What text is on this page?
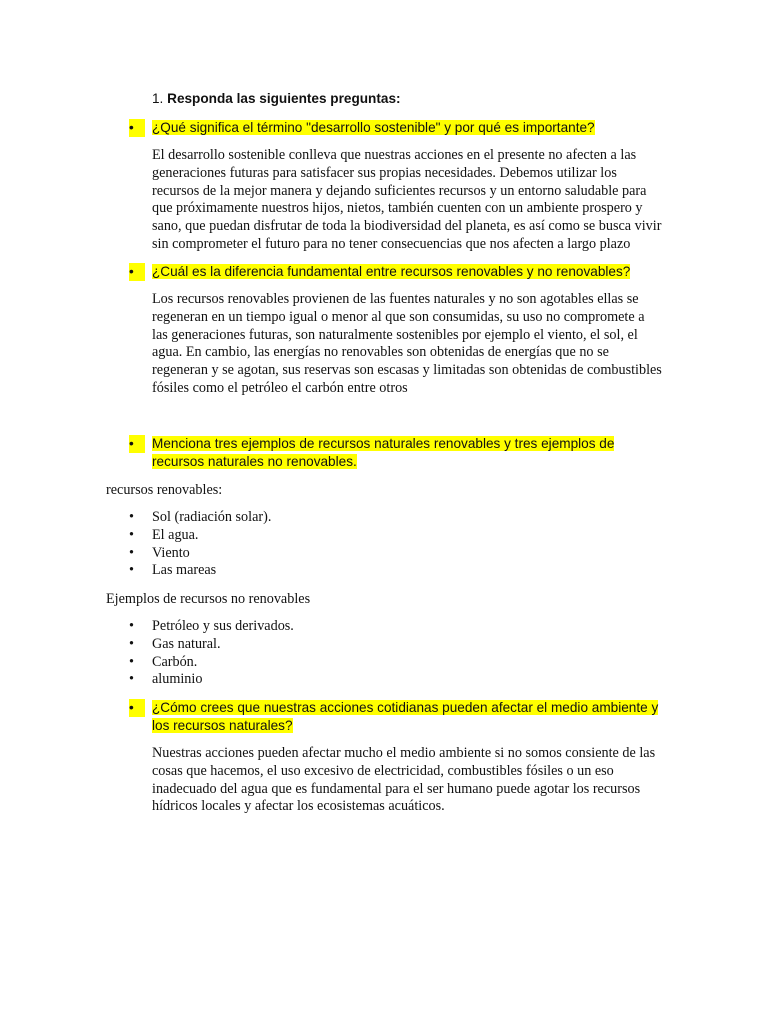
1. Responda las siguientes preguntas:
•	¿Qué significa el término "desarrollo sostenible" y por qué es importante?
El desarrollo sostenible conlleva que nuestras acciones en el presente no afecten a las generaciones futuras para satisfacer sus propias necesidades. Debemos utilizar los recursos de la mejor manera y dejando suficientes recursos y un entorno saludable para que próximamente nuestros hijos, nietos, también cuenten con un ambiente prospero y sano, que puedan disfrutar de toda la biodiversidad del planeta, es así como se busca vivir sin comprometer el futuro para no tener consecuencias que nos afecten a largo plazo
•	¿Cuál es la diferencia fundamental entre recursos renovables y no renovables?
Los recursos renovables provienen de las fuentes naturales y no son agotables ellas se regeneran en un tiempo igual o menor al que son consumidas, su uso no compromete a las generaciones futuras, son naturalmente sostenibles por ejemplo el viento, el sol, el agua. En cambio, las energías no renovables son obtenidas de energías que no se regeneran y se agotan, sus reservas son escasas y limitadas son obtenidas de combustibles fósiles como el petróleo el carbón entre otros
•	Menciona tres ejemplos de recursos naturales renovables y tres ejemplos de recursos naturales no renovables.
recursos renovables:
• Sol (radiación solar).
• El agua.
• Viento
• Las mareas
Ejemplos de recursos no renovables
• Petróleo y sus derivados.
• Gas natural.
• Carbón.
• aluminio
•	¿Cómo crees que nuestras acciones cotidianas pueden afectar el medio ambiente y los recursos naturales?
Nuestras acciones pueden afectar mucho el medio ambiente si no somos consiente de las cosas que hacemos, el uso excesivo de electricidad, combustibles fósiles o un eso inadecuado del agua que es fundamental para el ser humano puede agotar los recursos hídricos locales y afectar los ecosistemas acuáticos.
